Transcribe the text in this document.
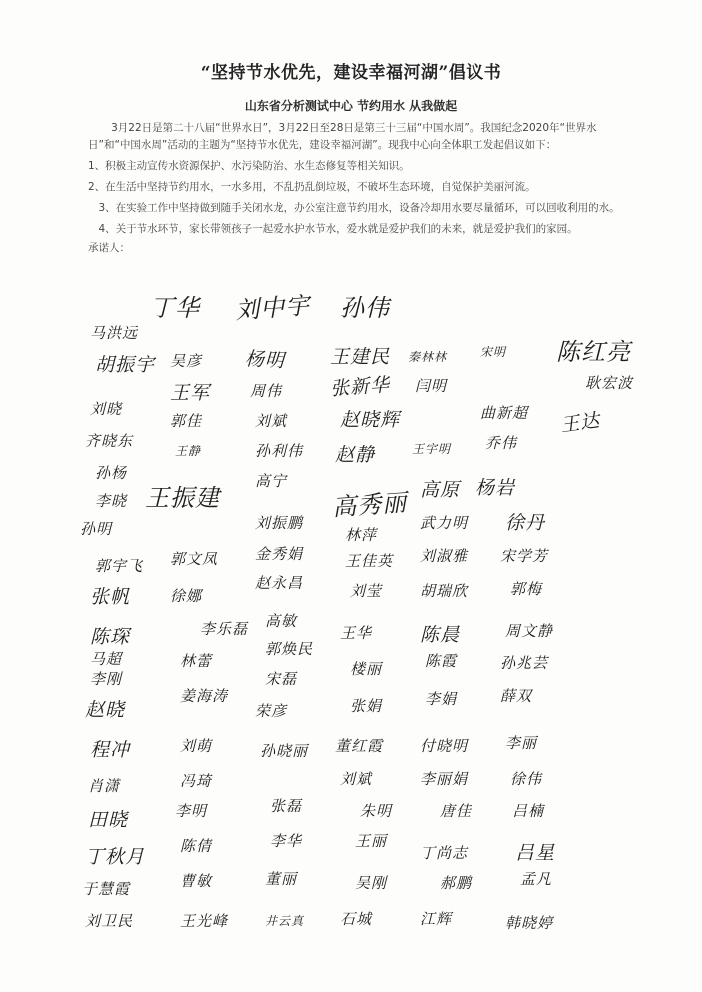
“坚持节水优先，建设幸福河湖”倡议书
山东省分析测试中心 节约用水 从我做起

3月22日是第二十八届“世界水日”，3月22日至28日是第三十三届“中国水周”。我国纪念2020年“世界水日”和“中国水周”活动的主题为“坚持节水优先，建设幸福河湖”。现我中心向全体职工发起倡议如下：

1、积极主动宣传水资源保护、水污染防治、水生态修复等相关知识。

2、在生活中坚持节约用水，一水多用，不乱扔乱倒垃圾，不破坏生态环境，自觉保护美丽河流。

3、在实验工作中坚持做到随手关闭水龙，办公室注意节约用水，设备冷却用水要尽量循环，可以回收利用的水。

4、关于节水环节，家长带领孩子一起爱水护水节水，爱水就是爱护我们的未来，就是爱护我们的家园。

承诺人：

丁华 刘中宇 孙伟
马洪远
胡振宇 吴彦 杨明 王建民 秦林林	宋明 陈红亮
张新华
王军	周伟	闫明	耿宏波
刘晓
郭佳	刘斌	赵晓辉	曲新超 王达
齐晓东
王静	孙利伟	王宇明 乔伟
赵静
高原
孙杨	高宁	杨岩
李晓 王振建	高秀丽
刘振鹏
林萍
武力明 徐丹
孙明
金秀娟	王佳英 刘淑雅 宋学芳
郭宇飞 郭文凤
赵永昌
张帆	刘莹	胡瑞欣	郭梅
徐娜
陈琛	李乐磊 高敏
王华	陈晨
马超	林蕾
郭焕民
周文静
李刚	宋磊
楼丽	陈霞	孙兆芸
薛双
姜海涛
荣彦
赵晓	张娟	李娟
程冲	刘萌
肖潇
董红霞 付晓明 李丽
孙晓丽
冯琦	刘斌	李丽娟	徐伟
田晓	李明	张磊	朱明	唐佳	吕楠
丁秋月 陈倩	李华	王丽
丁尚志 吕星
于慧霞	曹敏	董丽	吴刚	郝鹏	孟凡
刘卫民	王光峰	井云真 石城	江辉	韩晓婷
